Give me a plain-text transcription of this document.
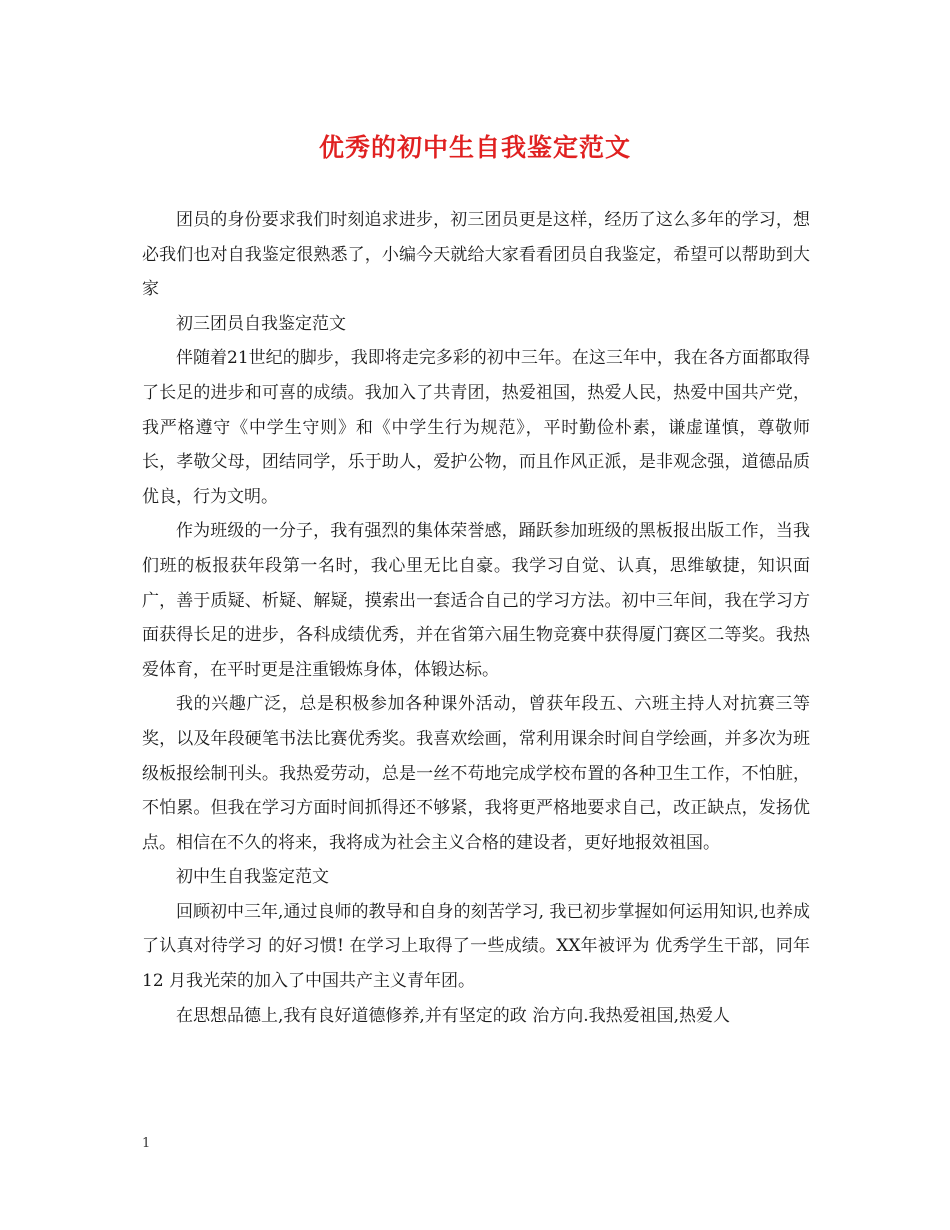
优秀的初中生自我鉴定范文

团员的身份要求我们时刻追求进步，初三团员更是这样，经历了这么多年的学习，想必我们也对自我鉴定很熟悉了，小编今天就给大家看看团员自我鉴定，希望可以帮助到大家

初三团员自我鉴定范文

伴随着21世纪的脚步，我即将走完多彩的初中三年。在这三年中，我在各方面都取得了长足的进步和可喜的成绩。我加入了共青团，热爱祖国，热爱人民，热爱中国共产党，我严格遵守《中学生守则》和《中学生行为规范》，平时勤俭朴素，谦虚谨慎，尊敬师长，孝敬父母，团结同学，乐于助人，爱护公物，而且作风正派，是非观念强，道德品质优良，行为文明。

作为班级的一分子，我有强烈的集体荣誉感，踊跃参加班级的黑板报出版工作，当我们班的板报获年段第一名时，我心里无比自豪。我学习自觉、认真，思维敏捷，知识面广，善于质疑、析疑、解疑，摸索出一套适合自己的学习方法。初中三年间，我在学习方面获得长足的进步，各科成绩优秀，并在省第六届生物竞赛中获得厦门赛区二等奖。我热爱体育，在平时更是注重锻炼身体，体锻达标。

我的兴趣广泛，总是积极参加各种课外活动，曾获年段五、六班主持人对抗赛三等奖，以及年段硬笔书法比赛优秀奖。我喜欢绘画，常利用课余时间自学绘画，并多次为班级板报绘制刊头。我热爱劳动，总是一丝不苟地完成学校布置的各种卫生工作，不怕脏，不怕累。但我在学习方面时间抓得还不够紧，我将更严格地要求自己，改正缺点，发扬优点。相信在不久的将来，我将成为社会主义合格的建设者，更好地报效祖国。

初中生自我鉴定范文

回顾初中三年,通过良师的教导和自身的刻苦学习, 我已初步掌握如何运用知识,也养成了认真对待学习 的好习惯! 在学习上取得了一些成绩。XX年被评为 优秀学生干部，同年 12 月我光荣的加入了中国共产主义青年团。

在思想品德上,我有良好道德修养,并有坚定的政 治方向.我热爱祖国,热爱人

1
